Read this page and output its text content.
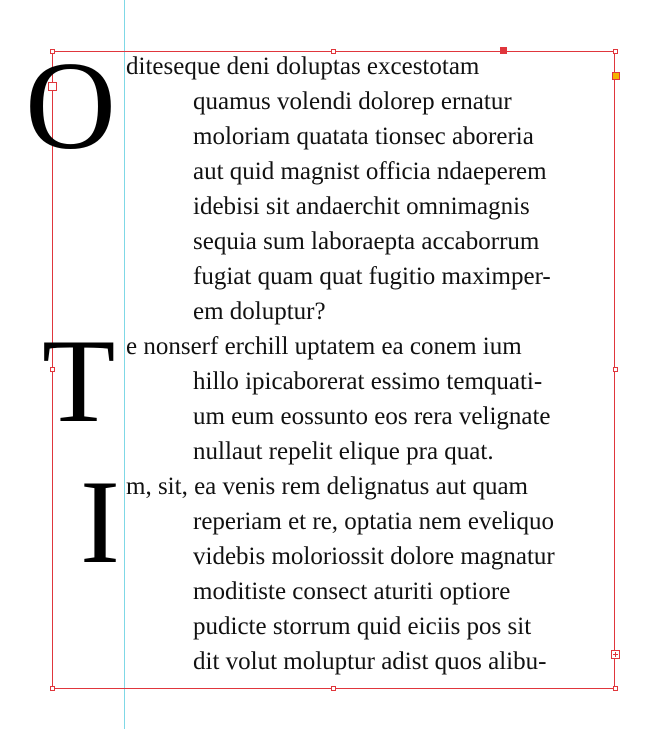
O
T
I
diteseque deni doluptas excestotam
quamus volendi dolorep ernatur
moloriam quatata tionsec aboreria
aut quid magnist officia ndaeperem
idebisi sit andaerchit omnimagnis
sequia sum laboraepta accaborrum
fugiat quam quat fugitio maximper-
em doluptur?
e nonserf erchill uptatem ea conem ium
hillo ipicaborerat essimo temquati-
um eum eossunto eos rera velignate
nullaut repelit elique pra quat.
m, sit, ea venis rem delignatus aut quam
reperiam et re, optatia nem eveliquo
videbis moloriossit dolore magnatur
moditiste consect aturiti optiore
pudicte storrum quid eiciis pos sit
dit volut moluptur adist quos alibu-
